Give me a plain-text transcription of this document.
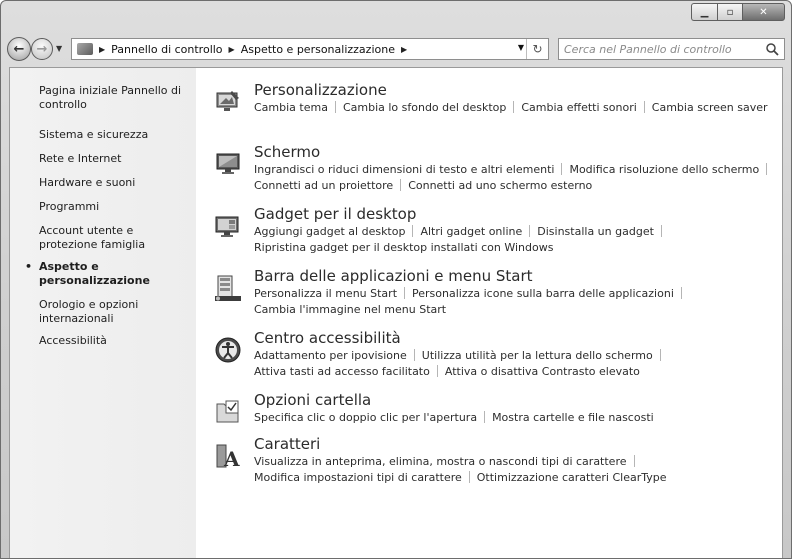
▁ ▫	✕
← → ▼	▶ Pannello di controllo ▶ Aspetto e personalizzazione ▶	▼ ↻
Cerca nel Pannello di controllo
Pagina iniziale Pannello di controllo
Sistema e sicurezza
Rete e Internet
Hardware e suoni
Programmi
Account utente e protezione famiglia
• Aspetto e personalizzazione
Orologio e opzioni internazionali
Accessibilità
Personalizzazione
Cambia tema Cambia lo sfondo del desktop Cambia effetti sonori Cambia screen saver
Schermo
Ingrandisci o riduci dimensioni di testo e altri elementi Modifica risoluzione dello schermo
Connetti ad un proiettore Connetti ad uno schermo esterno
Gadget per il desktop
Aggiungi gadget al desktop Altri gadget online Disinstalla un gadget
Ripristina gadget per il desktop installati con Windows
Barra delle applicazioni e menu Start
Personalizza il menu Start Personalizza icone sulla barra delle applicazioni
Cambia l'immagine nel menu Start
Centro accessibilità
Adattamento per ipovisione Utilizza utilità per la lettura dello schermo
Attiva tasti ad accesso facilitato Attiva o disattiva Contrasto elevato
Opzioni cartella
Specifica clic o doppio clic per l'apertura Mostra cartelle e file nascosti
A
Caratteri
Visualizza in anteprima, elimina, mostra o nascondi tipi di carattere
Modifica impostazioni tipi di carattere Ottimizzazione caratteri ClearType
